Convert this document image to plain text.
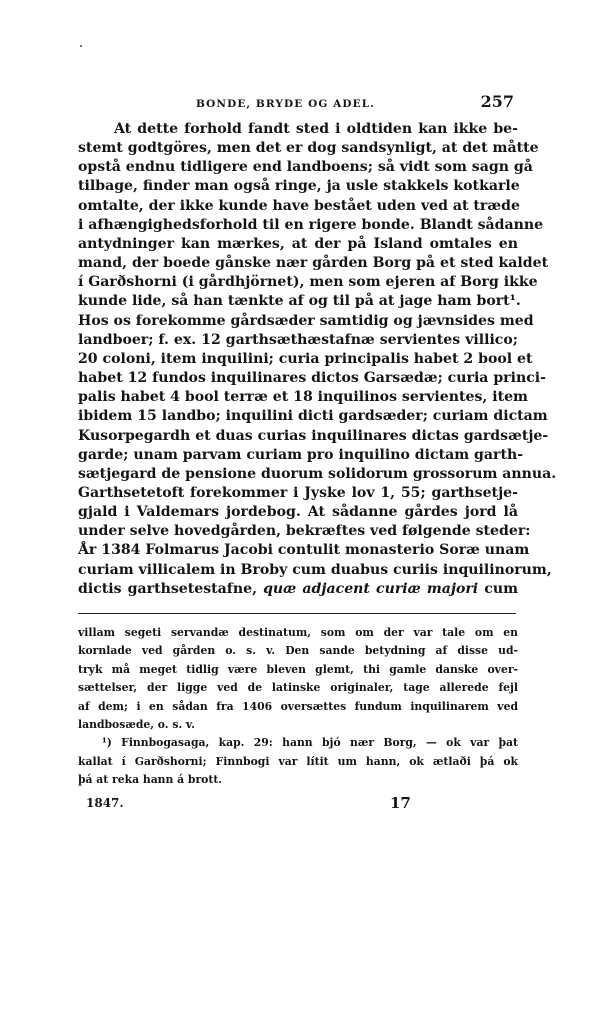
BONDE, BRYDE OG ADEL.	257
At dette forhold fandt sted i oldtiden kan ikke be-
stemt godtgöres, men det er dog sandsynligt, at det måtte
opstå endnu tidligere end landboens; så vidt som sagn gå
tilbage, finder man også ringe, ja usle stakkels kotkarle
omtalte, der ikke kunde have bestået uden ved at træde
i afhængighedsforhold til en rigere bonde. Blandt sådanne
antydninger kan mærkes, at der på Island omtales en
mand, der boede gånske nær gården Borg på et sted kaldet
í Garðshorni (i gårdhjörnet), men som ejeren af Borg ikke
kunde lide, så han tænkte af og til på at jage ham bort¹.
Hos os forekomme gårdsæder samtidig og jævnsides med
landboer; f. ex. 12 garthsæthæstafnæ servientes villico;
20 coloni, item inquilini; curia principalis habet 2 bool et
habet 12 fundos inquilinares dictos Garsædæ; curia princi-
palis habet 4 bool terræ et 18 inquilinos servientes, item
ibidem 15 landbo; inquilini dicti gardsæder; curiam dictam
Kusorpegardh et duas curias inquilinares dictas gardsætje-
garde; unam parvam curiam pro inquilino dictam garth-
sætjegard de pensione duorum solidorum grossorum annua.
Garthsetetoft forekommer i Jyske lov 1, 55; garthsetje-
gjald i Valdemars jordebog. At sådanne gårdes jord lå
under selve hovedgården, bekræftes ved følgende steder:
År 1384 Folmarus Jacobi contulit monasterio Soræ unam
curiam villicalem in Broby cum duabus curiis inquilinorum,
dictis garthsetestafne, quæ adjacent curiæ majori cum
villam segeti servandæ destinatum, som om der var tale om en
kornlade ved gården o. s. v. Den sande betydning af disse ud-
tryk må meget tidlig være bleven glemt, thi gamle danske over-
sættelser, der ligge ved de latinske originaler, tage allerede fejl
af dem; i en sådan fra 1406 oversættes fundum inquilinarem ved
landbosæde, o. s. v.
¹) Finnbogasaga, kap. 29: hann bjó nær Borg, — ok var þat
kallat í Garðshorni; Finnbogi var lítit um hann, ok ætlaði þá ok
þá at reka hann á brott.
1847.	17
